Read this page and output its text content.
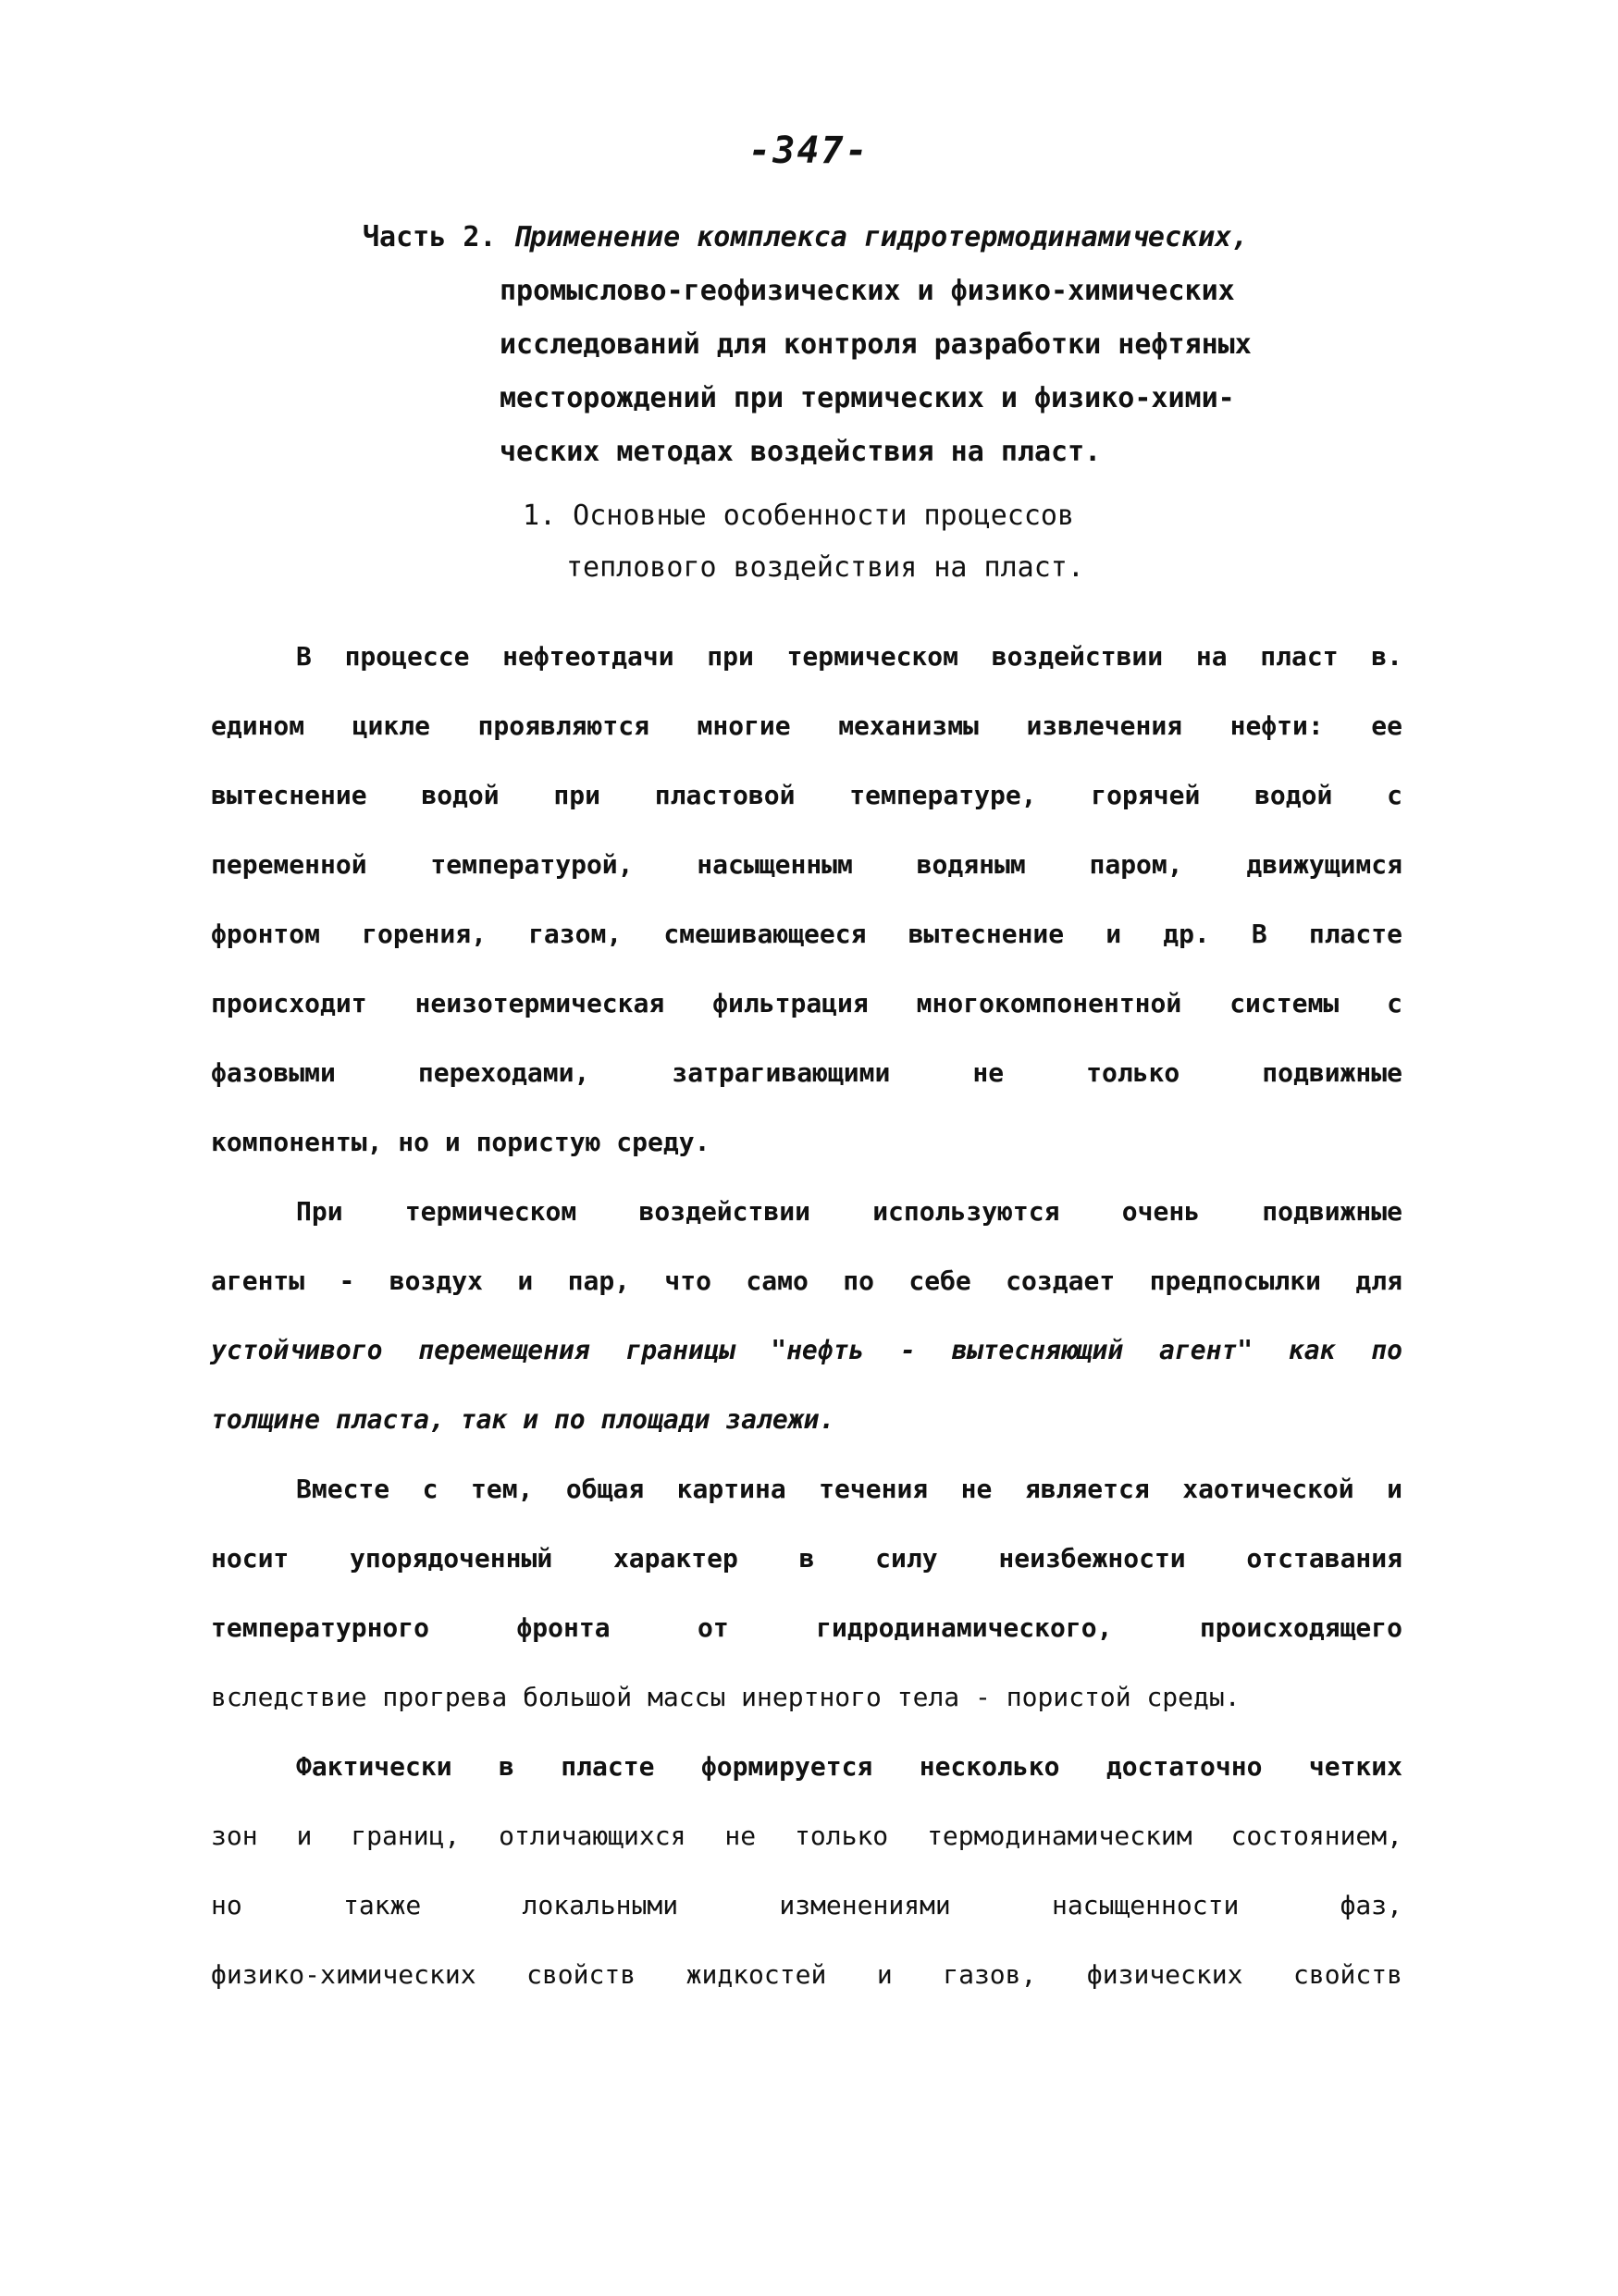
-347-
Часть 2. Применение комплекса гидротермодинамических,
промыслово-геофизических и физико-химических
исследований для контроля разработки нефтяных
месторождений при термических и физико-хими-
ческих методах воздействия на пласт.
1. Основные особенности процессов
теплового воздействия на пласт.
В процессе нефтеотдачи при термическом воздействии на пласт в.
едином цикле проявляются многие механизмы извлечения нефти: ее
вытеснение водой при пластовой температуре, горячей водой с
переменной температурой, насыщенным водяным паром, движущимся
фронтом горения, газом, смешивающееся вытеснение и др. В пласте
происходит неизотермическая фильтрация многокомпонентной системы с
фазовыми переходами, затрагивающими не только подвижные
компоненты, но и пористую среду.
При термическом воздействии используются очень подвижные
агенты - воздух и пар, что само по себе создает предпосылки для
устойчивого перемещения границы "нефть - вытесняющий агент" как по
толщине пласта, так и по площади залежи.
Вместе с тем, общая картина течения не является хаотической и
носит упорядоченный характер в силу неизбежности отставания
температурного фронта от гидродинамического, происходящего
вследствие прогрева большой массы инертного тела - пористой среды.
Фактически в пласте формируется несколько достаточно четких
зон и границ, отличающихся не только термодинамическим состоянием,
но также локальными изменениями насыщенности фаз,
физико-химических свойств жидкостей и газов, физических свойств
